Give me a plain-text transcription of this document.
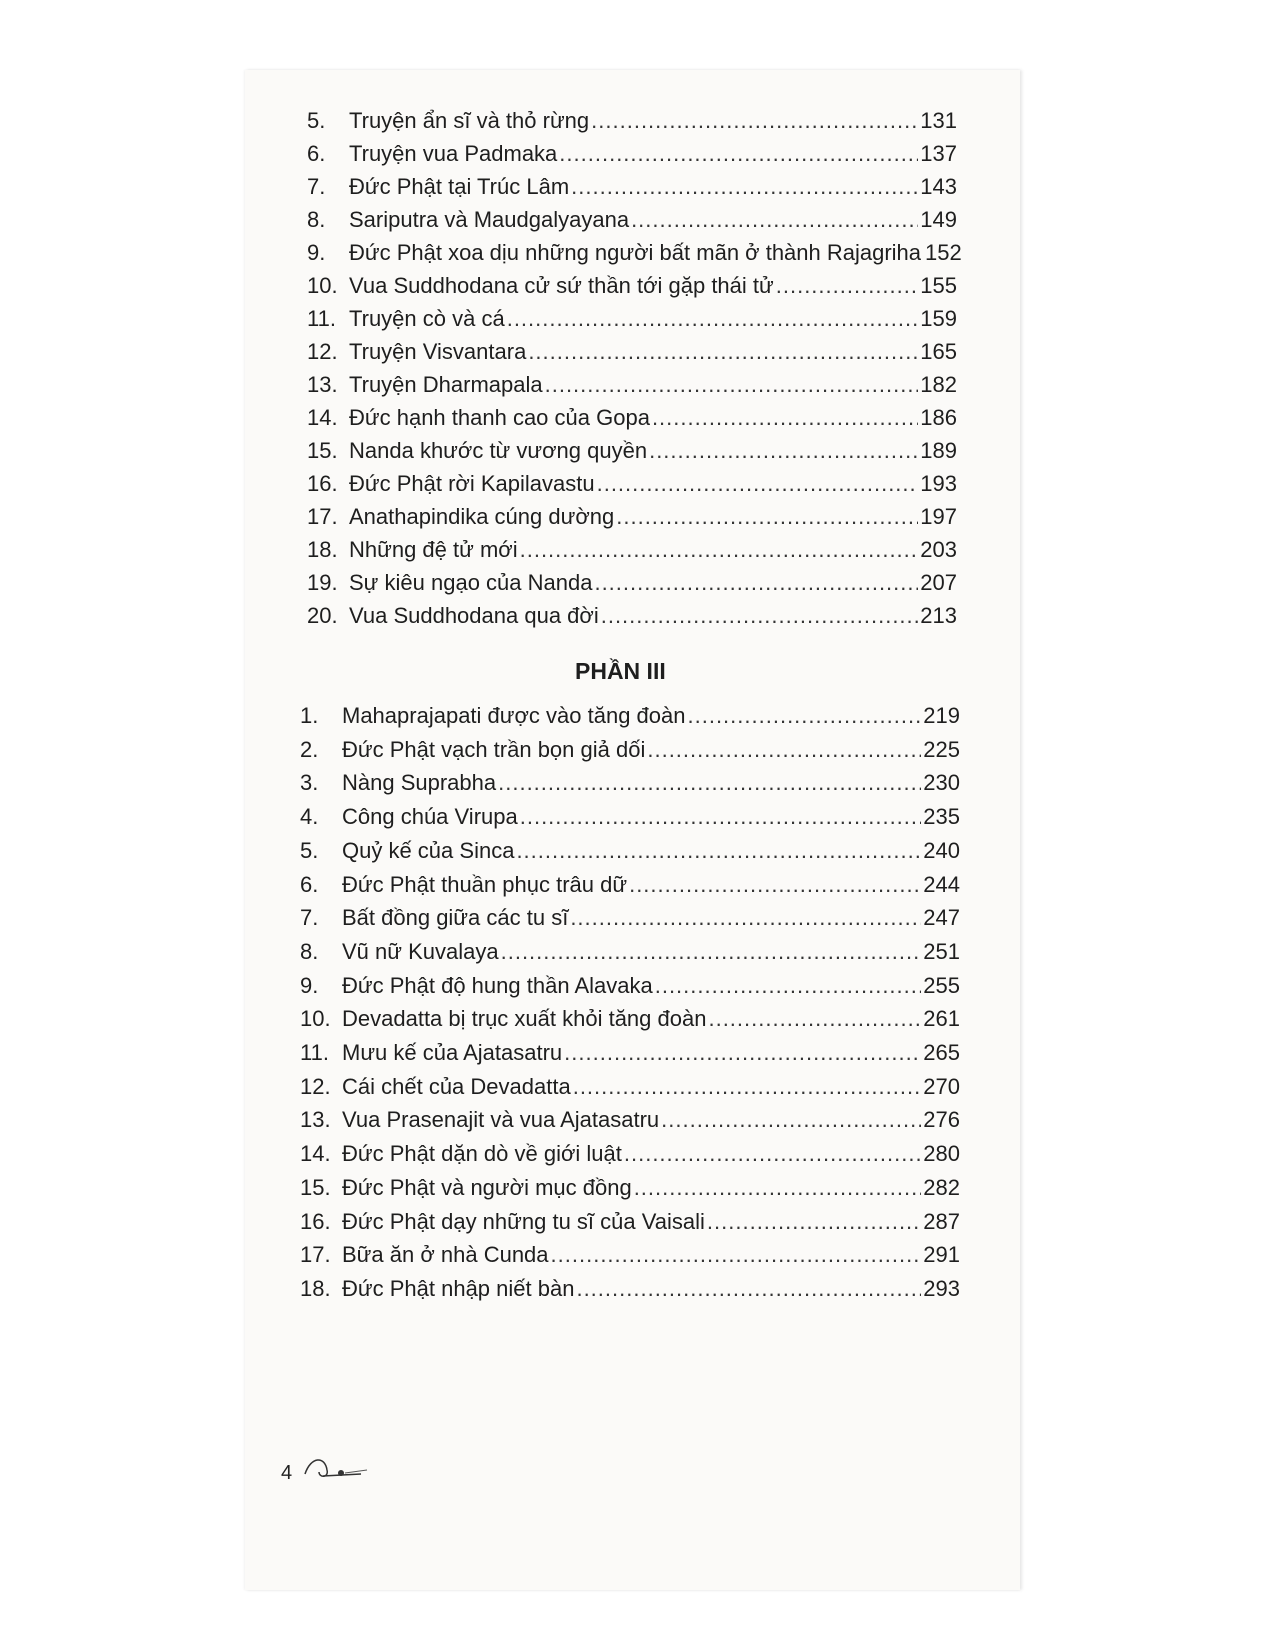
5.	Truyện ẩn sĩ và thỏ rừng .....	131
6.	Truyện vua Padmaka .....	137
7.	Đức Phật tại Trúc Lâm .....	143
8.	Sariputra và Maudgalyayana .....	149
9.	Đức Phật xoa dịu những người bất mãn ở thành Rajagriha 152
10. Vua Suddhodana cử sứ thần tới gặp thái tử .....	155
11. Truyện cò và cá .....	159
12. Truyện Visvantara .....	165
13. Truyện Dharmapala .....	182
14. Đức hạnh thanh cao của Gopa .....	186
15. Nanda khước từ vương quyền .....	189
16. Đức Phật rời Kapilavastu .....	193
17. Anathapindika cúng dường .....	197
18. Những đệ tử mới .....	203
19. Sự kiêu ngạo của Nanda .....	207
20. Vua Suddhodana qua đời .....	213
PHẦN III
1.	Mahaprajapati được vào tăng đoàn .....	219
2.	Đức Phật vạch trần bọn giả dối .....	225
3.	Nàng Suprabha .....	230
4.	Công chúa Virupa .....	235
5.	Quỷ kế của Sinca .....	240
6.	Đức Phật thuần phục trâu dữ .....	244
7.	Bất đồng giữa các tu sĩ .....	247
8.	Vũ nữ Kuvalaya .....	251
9.	Đức Phật độ hung thần Alavaka .....	255
10. Devadatta bị trục xuất khỏi tăng đoàn .....	261
11. Mưu kế của Ajatasatru .....	265
12. Cái chết của Devadatta .....	270
13. Vua Prasenajit và vua Ajatasatru .....	276
14. Đức Phật dặn dò về giới luật .....	280
15. Đức Phật và người mục đồng .....	282
16. Đức Phật dạy những tu sĩ của Vaisali .....	287
17. Bữa ăn ở nhà Cunda .....	291
18. Đức Phật nhập niết bàn .....	293
4
